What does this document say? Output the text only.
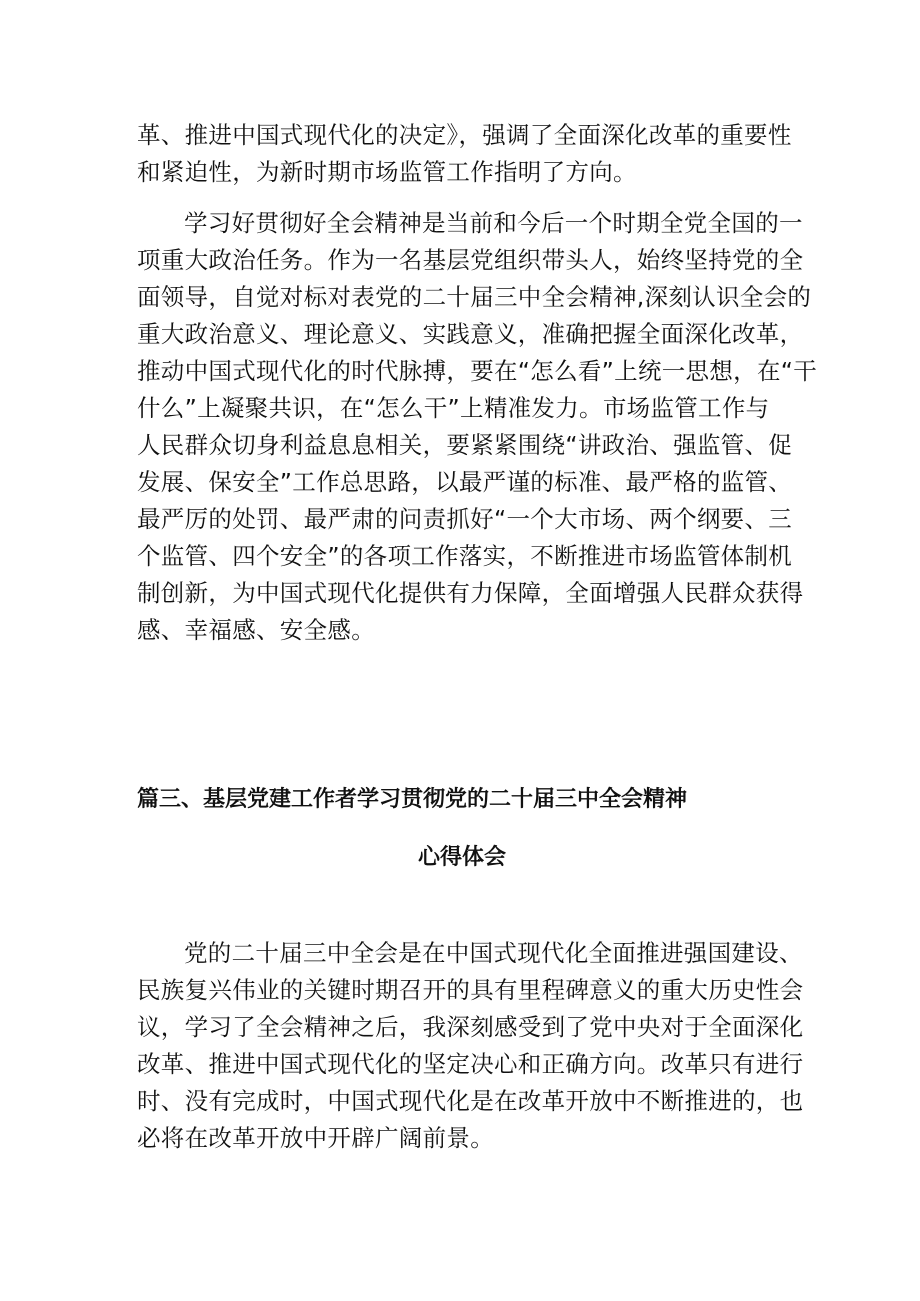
革、推进中国式现代化的决定》，强调了全面深化改革的重要性
和紧迫性，为新时期市场监管工作指明了方向。
学习好贯彻好全会精神是当前和今后一个时期全党全国的一
项重大政治任务。作为一名基层党组织带头人，始终坚持党的全
面领导，自觉对标对表党的二十届三中全会精神,深刻认识全会的
重大政治意义、理论意义、实践意义，准确把握全面深化改革，
推动中国式现代化的时代脉搏，要在“怎么看”上统一思想，在“干
什么”上凝聚共识，在“怎么干”上精准发力。市场监管工作与
人民群众切身利益息息相关，要紧紧围绕“讲政治、强监管、促
发展、保安全”工作总思路，以最严谨的标准、最严格的监管、
最严厉的处罚、最严肃的问责抓好“一个大市场、两个纲要、三
个监管、四个安全”的各项工作落实，不断推进市场监管体制机
制创新，为中国式现代化提供有力保障，全面增强人民群众获得
感、幸福感、安全感。
篇三、基层党建工作者学习贯彻党的二十届三中全会精神
心得体会
党的二十届三中全会是在中国式现代化全面推进强国建设、
民族复兴伟业的关键时期召开的具有里程碑意义的重大历史性会
议，学习了全会精神之后，我深刻感受到了党中央对于全面深化
改革、推进中国式现代化的坚定决心和正确方向。改革只有进行
时、没有完成时，中国式现代化是在改革开放中不断推进的，也
必将在改革开放中开辟广阔前景。
